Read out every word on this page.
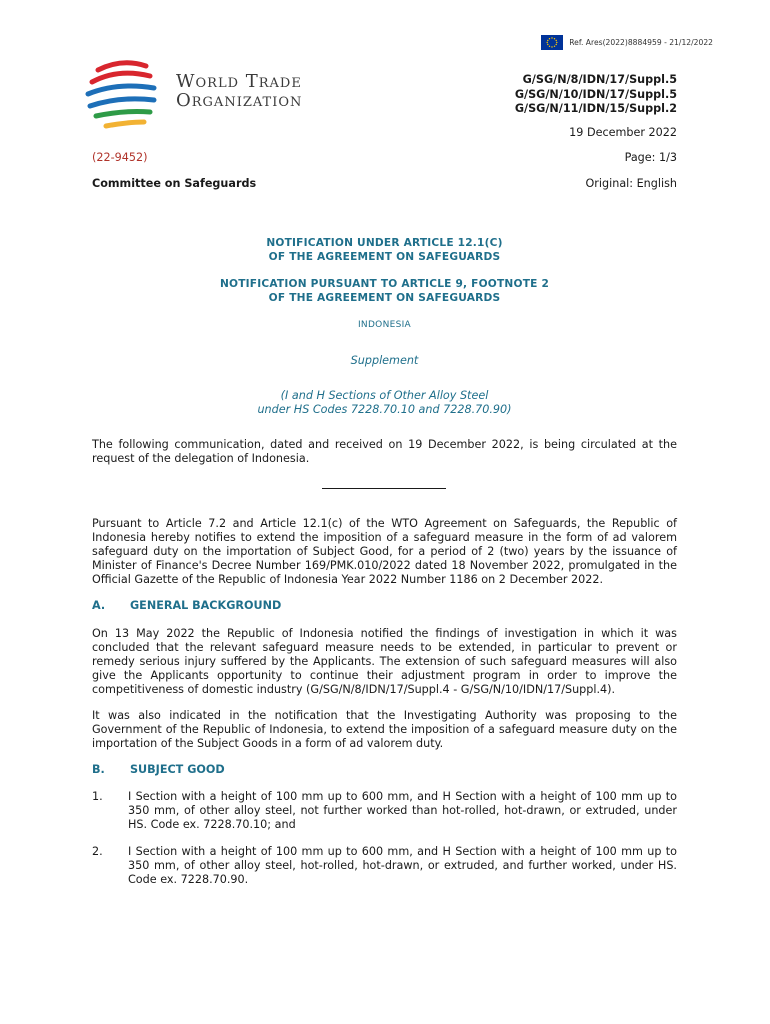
Ref. Ares(2022)8884959 - 21/12/2022
World Trade
Organization
G/SG/N/8/IDN/17/Suppl.5
G/SG/N/10/IDN/17/Suppl.5
G/SG/N/11/IDN/15/Suppl.2
19 December 2022
(22-9452)	Page: 1/3
Committee on Safeguards	Original: English
NOTIFICATION UNDER ARTICLE 12.1(C)
OF THE AGREEMENT ON SAFEGUARDS
NOTIFICATION PURSUANT TO ARTICLE 9, FOOTNOTE 2
OF THE AGREEMENT ON SAFEGUARDS
INDONESIA
Supplement
(I and H Sections of Other Alloy Steel
under HS Codes 7228.70.10 and 7228.70.90)
The following communication, dated and received on 19 December 2022, is being circulated at the request of the delegation of Indonesia.
Pursuant to Article 7.2 and Article 12.1(c) of the WTO Agreement on Safeguards, the Republic of Indonesia hereby notifies to extend the imposition of a safeguard measure in the form of ad valorem safeguard duty on the importation of Subject Good, for a period of 2 (two) years by the issuance of Minister of Finance's Decree Number 169/PMK.010/2022 dated 18 November 2022, promulgated in the Official Gazette of the Republic of Indonesia Year 2022 Number 1186 on 2 December 2022.
A. GENERAL BACKGROUND
On 13 May 2022 the Republic of Indonesia notified the findings of investigation in which it was concluded that the relevant safeguard measure needs to be extended, in particular to prevent or remedy serious injury suffered by the Applicants. The extension of such safeguard measures will also give the Applicants opportunity to continue their adjustment program in order to improve the competitiveness of domestic industry (G/SG/N/8/IDN/17/Suppl.4 - G/SG/N/10/IDN/17/Suppl.4).
It was also indicated in the notification that the Investigating Authority was proposing to the Government of the Republic of Indonesia, to extend the imposition of a safeguard measure duty on the importation of the Subject Goods in a form of ad valorem duty.
B. SUBJECT GOOD
1. I Section with a height of 100 mm up to 600 mm, and H Section with a height of 100 mm up to 350 mm, of other alloy steel, not further worked than hot-rolled, hot-drawn, or extruded, under HS. Code ex. 7228.70.10; and
2. I Section with a height of 100 mm up to 600 mm, and H Section with a height of 100 mm up to 350 mm, of other alloy steel, hot-rolled, hot-drawn, or extruded, and further worked, under HS. Code ex. 7228.70.90.
